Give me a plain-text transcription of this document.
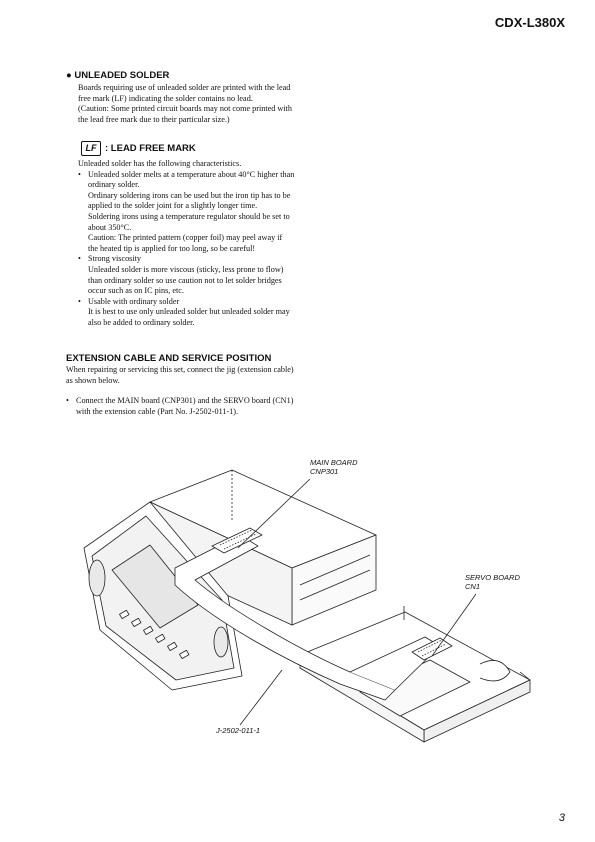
CDX-L380X
● UNLEADED SOLDER

Boards requiring use of unleaded solder are printed with the lead

free mark (LF) indicating the solder contains no lead.

(Caution: Some printed circuit boards may not come printed with

the lead free mark due to their particular size.)

LF : LEAD FREE MARK

Unleaded solder has the following characteristics.

• Unleaded solder melts at a temperature about 40°C higher than

ordinary solder.

Ordinary soldering irons can be used but the iron tip has to be

applied to the solder joint for a slightly longer time.

Soldering irons using a temperature regulator should be set to

about 350°C.

Caution: The printed pattern (copper foil) may peel away if

the heated tip is applied for too long, so be careful!

• Strong viscosity

Unleaded solder is more viscous (sticky, less prone to flow)

than ordinary solder so use caution not to let solder bridges

occur such as on IC pins, etc.

• Usable with ordinary solder

It is best to use only unleaded solder but unleaded solder may

also be added to ordinary solder.

EXTENSION CABLE AND SERVICE POSITION

When repairing or servicing this set, connect the jig (extension cable)

as shown below.

• Connect the MAIN board (CNP301) and the SERVO board (CN1)

with the extension cable (Part No. J-2502-011-1).

MAIN BOARD
CNP301
SERVO BOARD
CN1
J-2502-011-1
3
